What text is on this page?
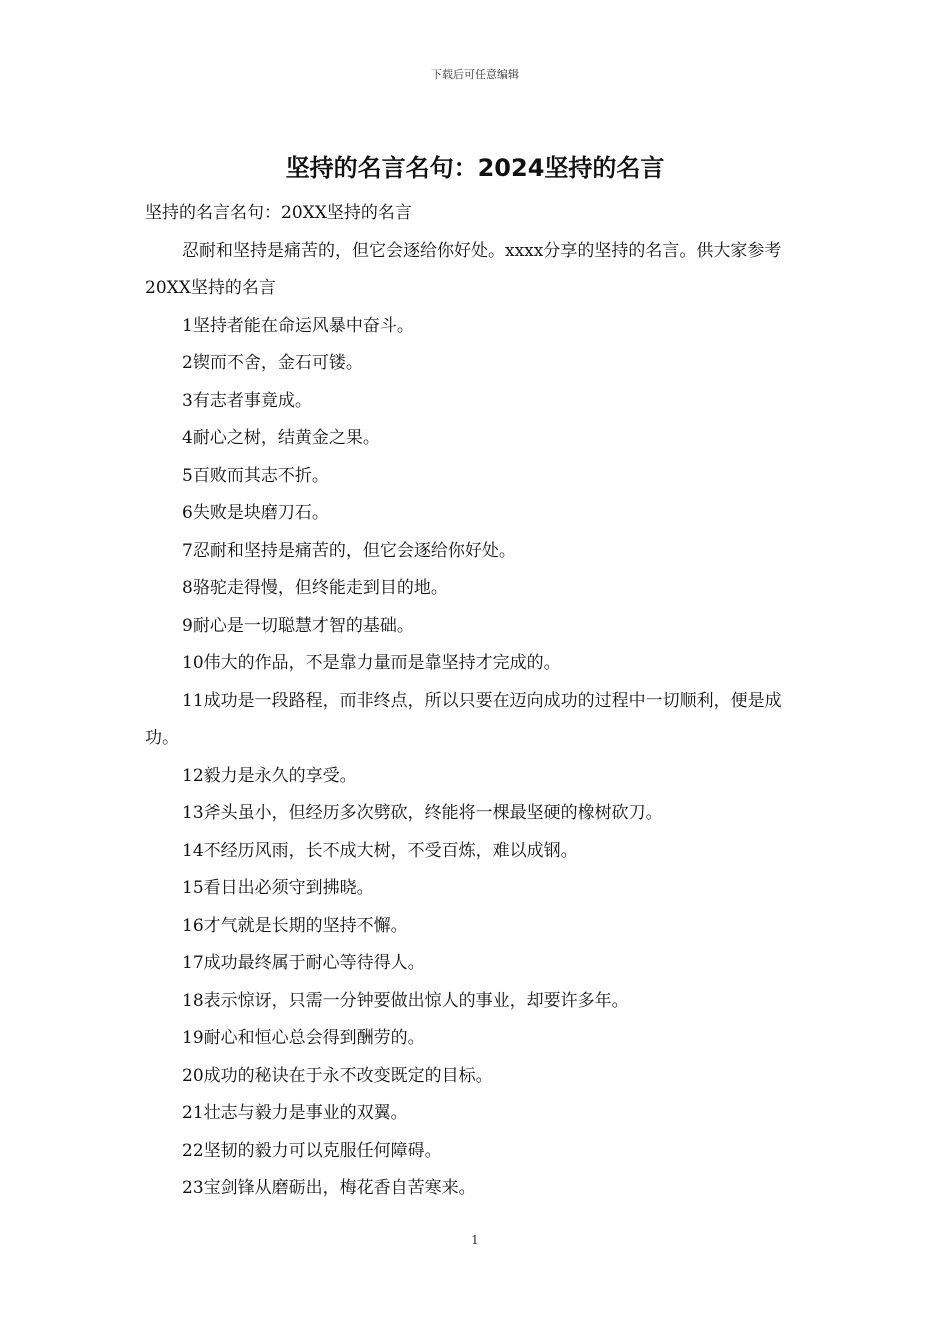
下载后可任意编辑
坚持的名言名句：2024坚持的名言

坚持的名言名句：20XX坚持的名言

忍耐和坚持是痛苦的，但它会逐给你好处。xxxx分享的坚持的名言。供大家参考20XX坚持的名言

1坚持者能在命运风暴中奋斗。

2锲而不舍，金石可镂。

3有志者事竟成。

4耐心之树，结黄金之果。

5百败而其志不折。

6失败是块磨刀石。

7忍耐和坚持是痛苦的，但它会逐给你好处。

8骆驼走得慢，但终能走到目的地。

9耐心是一切聪慧才智的基础。

10伟大的作品，不是靠力量而是靠坚持才完成的。

11成功是一段路程，而非终点，所以只要在迈向成功的过程中一切顺利，便是成功。

12毅力是永久的享受。

13斧头虽小，但经历多次劈砍，终能将一棵最坚硬的橡树砍刀。

14不经历风雨，长不成大树，不受百炼，难以成钢。

15看日出必须守到拂晓。

16才气就是长期的坚持不懈。

17成功最终属于耐心等待得人。

18表示惊讶，只需一分钟要做出惊人的事业，却要许多年。

19耐心和恒心总会得到酬劳的。

20成功的秘诀在于永不改变既定的目标。

21壮志与毅力是事业的双翼。

22坚韧的毅力可以克服任何障碍。

23宝剑锋从磨砺出，梅花香自苦寒来。

1
